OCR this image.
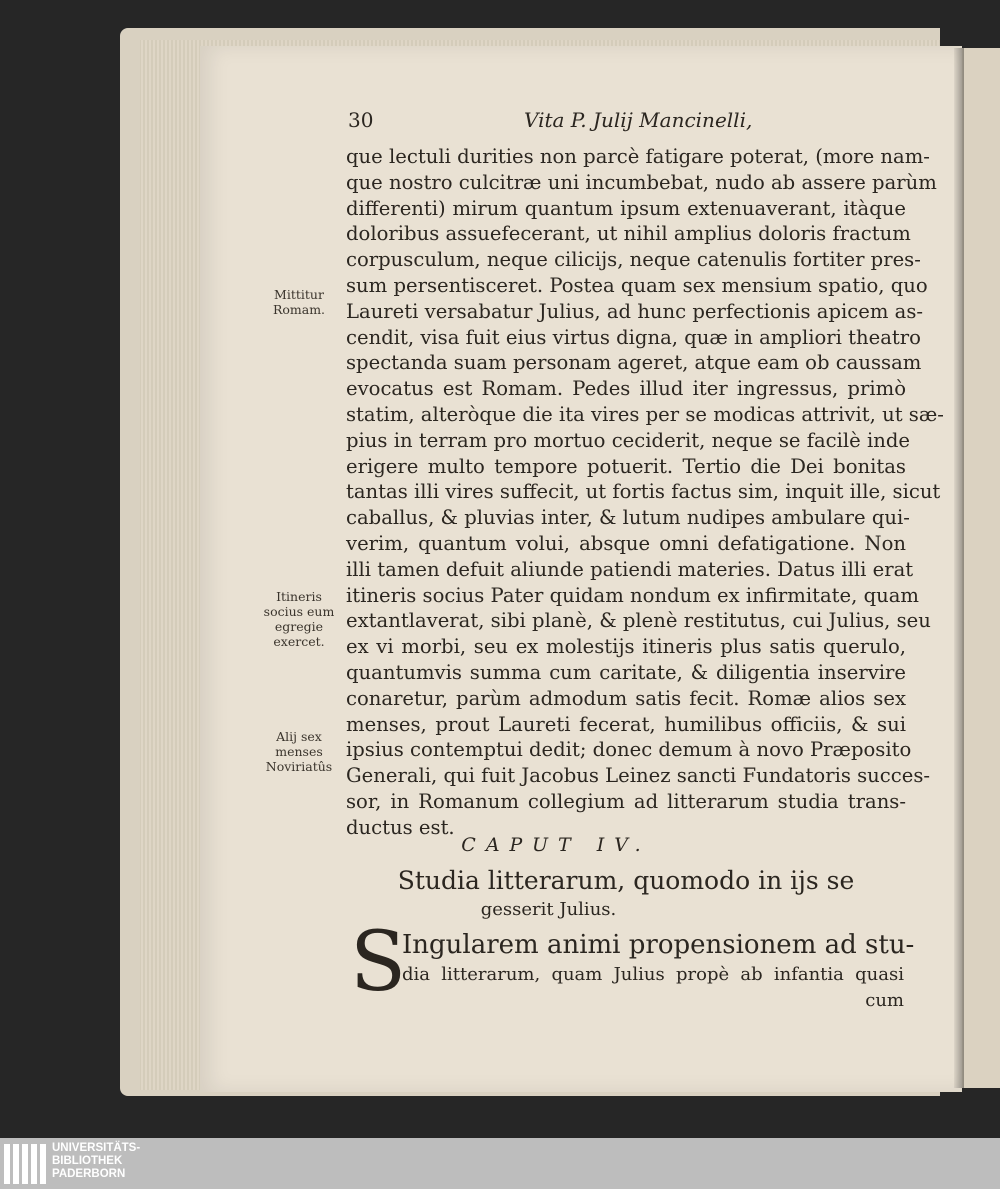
30	Vita P. Julij Mancinelli,
que lectuli durities non parcè fatigare poterat, (more nam-
que nostro culcitræ uni incumbebat, nudo ab assere parùm
differenti) mirum quantum ipsum extenuaverant, itàque
doloribus assuefecerant, ut nihil amplius doloris fractum
corpusculum, neque cilicijs, neque catenulis fortiter pres-
sum persentisceret. Postea quam sex mensium spatio, quo
Laureti versabatur Julius, ad hunc perfectionis apicem as-
cendit, visa fuit eius virtus digna, quæ in ampliori theatro
spectanda suam personam ageret, atque eam ob caussam
evocatus est Romam. Pedes illud iter ingressus, primò
statim, alteròque die ita vires per se modicas attrivit, ut sæ-
pius in terram pro mortuo ceciderit, neque se facilè inde
erigere multo tempore potuerit. Tertio die Dei bonitas
tantas illi vires suffecit, ut fortis factus sim, inquit ille, sicut
caballus, & pluvias inter, & lutum nudipes ambulare qui-
verim, quantum volui, absque omni defatigatione. Non
illi tamen defuit aliunde patiendi materies. Datus illi erat
itineris socius Pater quidam nondum ex infirmitate, quam
extantlaverat, sibi planè, & plenè restitutus, cui Julius, seu
ex vi morbi, seu ex molestijs itineris plus satis querulo,
quantumvis summa cum caritate, & diligentia inservire
conaretur, parùm admodum satis fecit. Romæ alios sex
menses, prout Laureti fecerat, humilibus officiis, & sui
ipsius contemptui dedit; donec demum à novo Præposito
Generali, qui fuit Jacobus Leinez sancti Fundatoris succes-
sor, in Romanum collegium ad litterarum studia trans-
ductus est.
Mittitur
Romam.
Itineris
socius eum
egregie
exercet.
Alij sex
menses
Noviriatûs
CAPUT IV.
Studia litterarum, quomodo in ijs se
gesserit Julius.
S
Ingularem animi propensionem ad stu-
dia litterarum, quam Julius propè ab infantia quasi
cum
UNIVERSITÄTS-
BIBLIOTHEK
PADERBORN
